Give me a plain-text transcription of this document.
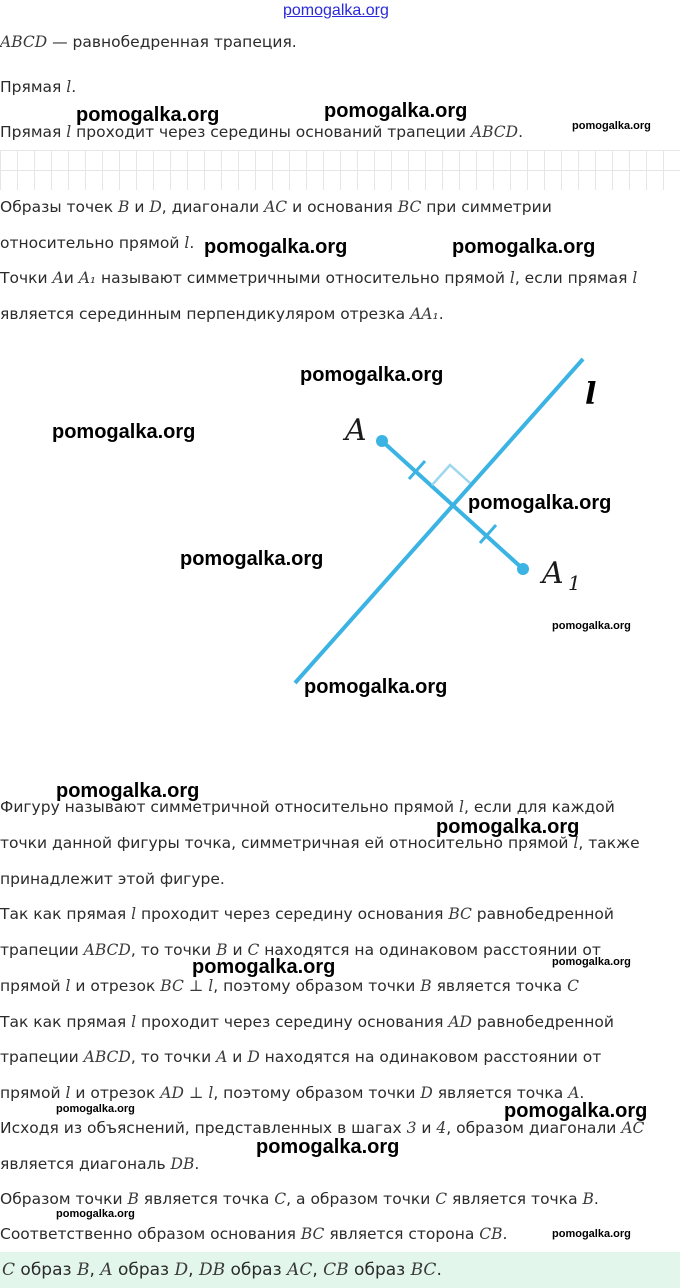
pomogalka.org
ABCD — равнобедренная трапеция.
Прямая l.
Прямая l проходит через середины оснований трапеции ABCD.
Образы точек B и D, диагонали AC и основания BC при симметрии
относительно прямой l.
Точки Aи A₁ называют симметричными относительно прямой l, если прямая l
является серединным перпендикуляром отрезка AA₁.
A
A 1
l
Фигуру называют симметричной относительно прямой l, если для каждой
точки данной фигуры точка, симметричная ей относительно прямой l, также
принадлежит этой фигуре.
Так как прямая l проходит через середину основания BC равнобедренной
трапеции ABCD, то точки B и C находятся на одинаковом расстоянии от
прямой l и отрезок BC ⊥ l, поэтому образом точки B является точка C
Так как прямая l проходит через середину основания AD равнобедренной
трапеции ABCD, то точки A и D находятся на одинаковом расстоянии от
прямой l и отрезок AD ⊥ l, поэтому образом точки D является точка A.
Исходя из объяснений, представленных в шагах 3 и 4, образом диагонали AC
является диагональ DB.
Образом точки B является точка C, а образом точки C является точка B.
Соответственно образом основания BC является сторона CB.
C образ B, A образ D, DB образ AC, CB образ BC.
pomogalka.org	pomogalka.org
pomogalka.org
pomogalka.org	pomogalka.org
pomogalka.org
pomogalka.org
pomogalka.org
pomogalka.org
pomogalka.org
pomogalka.org
pomogalka.org
pomogalka.org
pomogalka.org	pomogalka.org
pomogalka.org	pomogalka.org
pomogalka.org
pomogalka.org
pomogalka.org
